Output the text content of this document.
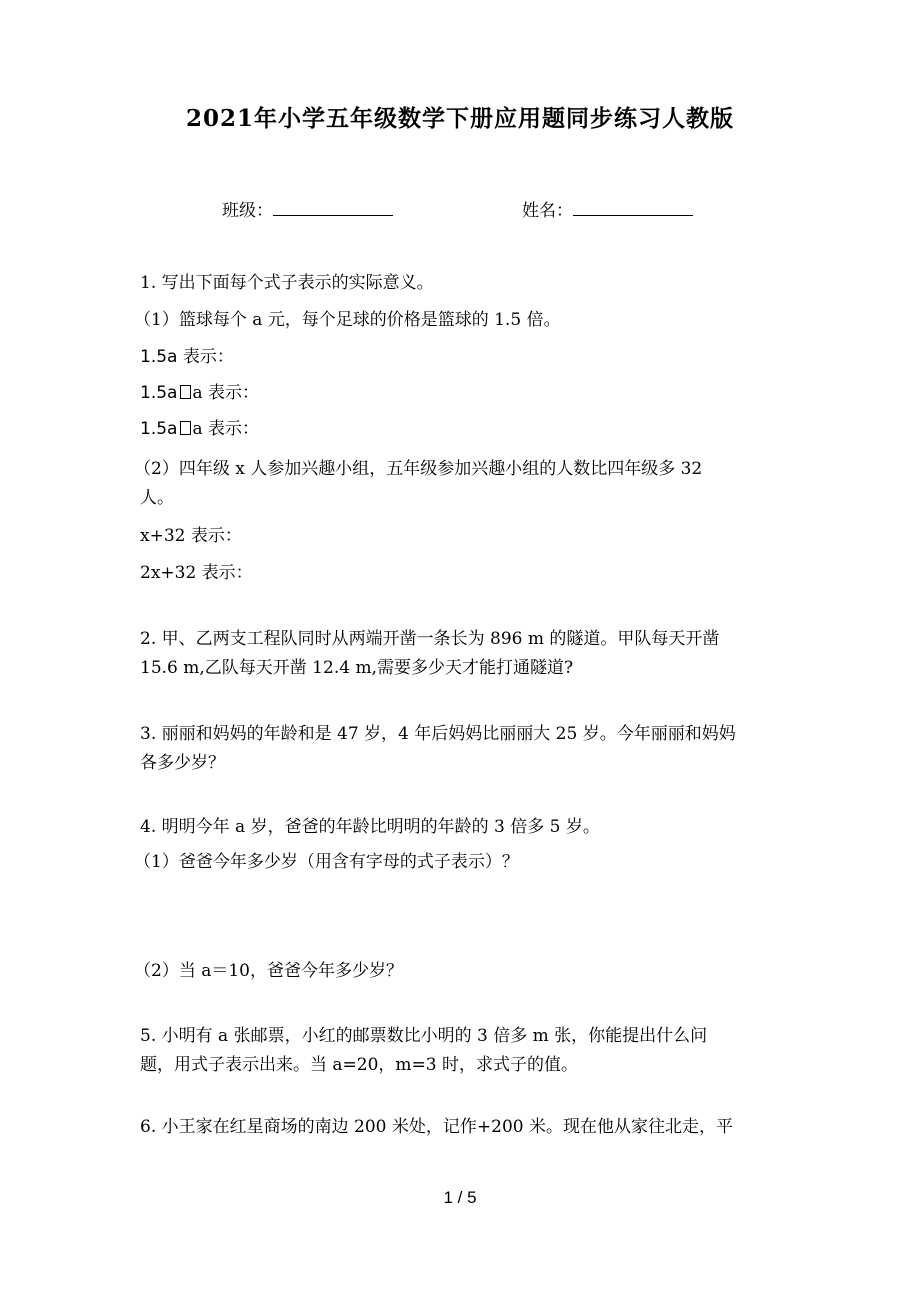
2021年小学五年级数学下册应用题同步练习人教版
班级：	姓名：
1. 写出下面每个式子表示的实际意义。
（1）篮球每个 a 元，每个足球的价格是篮球的 1.5 倍。
1.5a 表示：
1.5a a 表示：
1.5a a 表示：
（2）四年级 x 人参加兴趣小组，五年级参加兴趣小组的人数比四年级多 32
人。
x+32 表示：
2x+32 表示：
2. 甲、乙两支工程队同时从两端开凿一条长为 896 m 的隧道。甲队每天开凿
15.6 m,乙队每天开凿 12.4 m,需要多少天才能打通隧道?
3. 丽丽和妈妈的年龄和是 47 岁，4 年后妈妈比丽丽大 25 岁。今年丽丽和妈妈
各多少岁？
4. 明明今年 a 岁，爸爸的年龄比明明的年龄的 3 倍多 5 岁。
（1）爸爸今年多少岁（用含有字母的式子表示）？
（2）当 a＝10，爸爸今年多少岁？
5. 小明有 a 张邮票，小红的邮票数比小明的 3 倍多 m 张，你能提出什么问
题，用式子表示出来。当 a=20，m=3 时，求式子的值。
6. 小王家在红星商场的南边 200 米处，记作+200 米。现在他从家往北走，平
1 / 5
